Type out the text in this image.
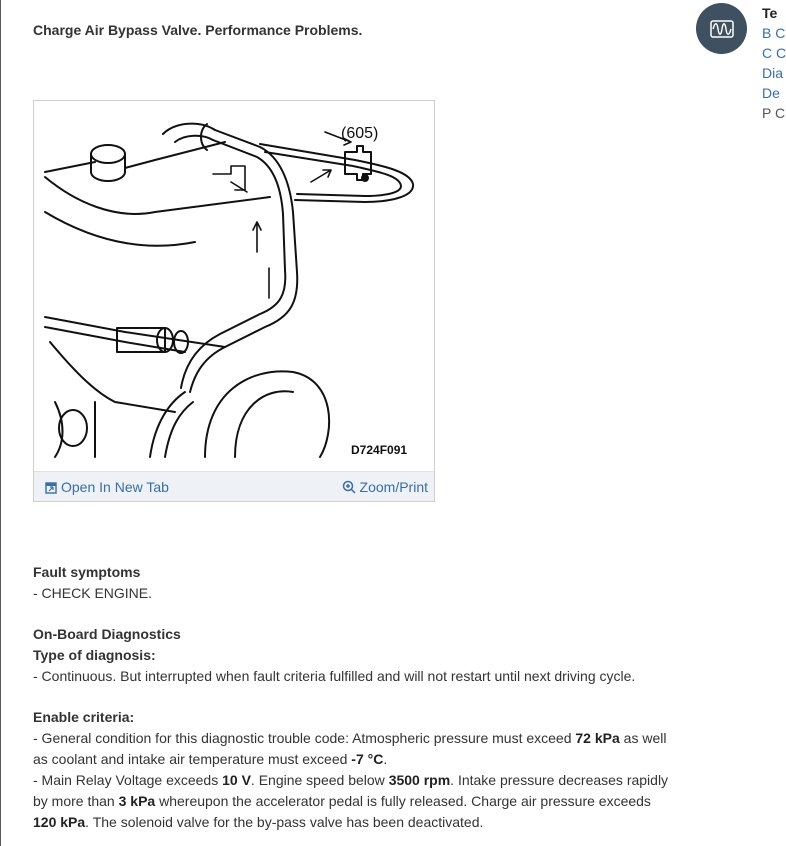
Charge Air Bypass Valve. Performance Problems.
(605)
D724F091
Open In New Tab	Zoom/Print
Fault symptoms
- CHECK ENGINE.
On-Board Diagnostics
Type of diagnosis:
- Continuous. But interrupted when fault criteria fulfilled and will not restart until next driving cycle.
Enable criteria:
- General condition for this diagnostic trouble code: Atmospheric pressure must exceed 72 kPa as well as coolant and intake air temperature must exceed -7 °C.
- Main Relay Voltage exceeds 10 V. Engine speed below 3500 rpm. Intake pressure decreases rapidly by more than 3 kPa whereupon the accelerator pedal is fully released. Charge air pressure exceeds 120 kPa. The solenoid valve for the by-pass valve has been deactivated.
Te
B C
C C
Dia
De
P C
